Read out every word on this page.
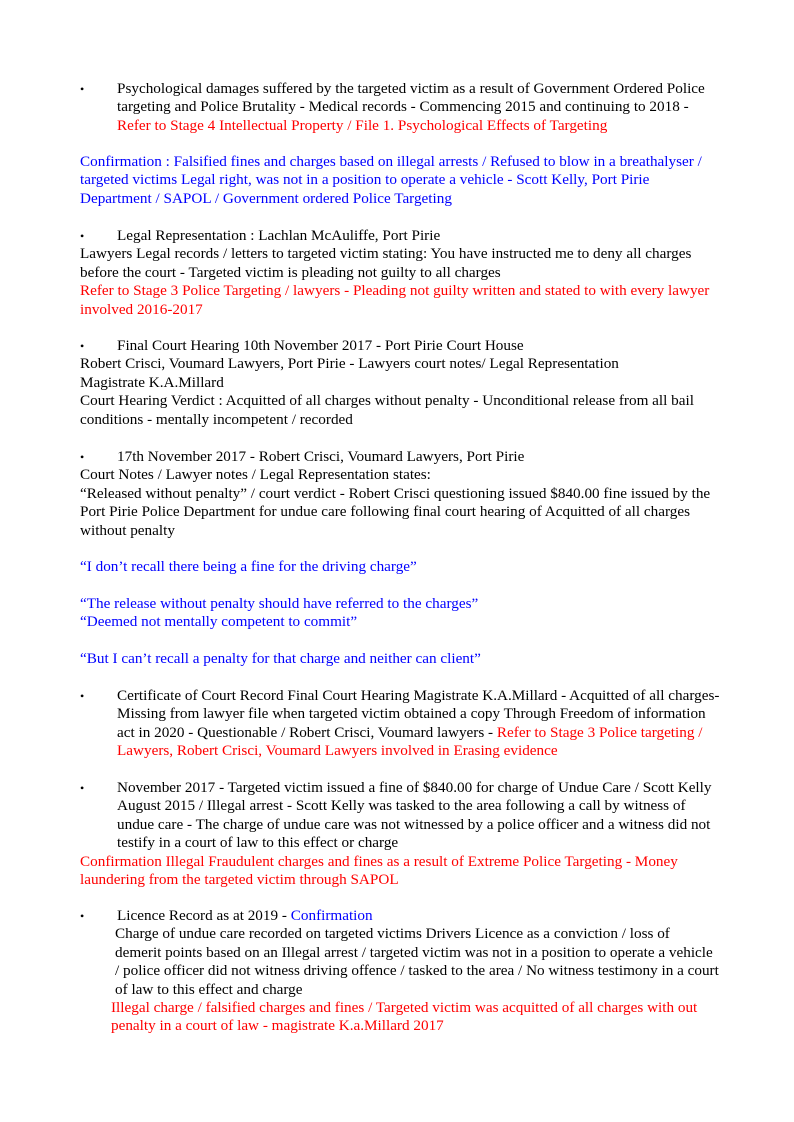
• Psychological damages suffered by the targeted victim as a result of Government Ordered Police targeting and Police Brutality - Medical records - Commencing 2015 and continuing to 2018 - Refer to Stage 4 Intellectual Property / File 1. Psychological Effects of Targeting

Confirmation : Falsified fines and charges based on illegal arrests / Refused to blow in a breathalyser / targeted victims Legal right, was not in a position to operate a vehicle - Scott Kelly, Port Pirie Department / SAPOL / Government ordered Police Targeting

• Legal Representation : Lachlan McAuliffe, Port Pirie

Lawyers Legal records / letters to targeted victim stating: You have instructed me to deny all charges before the court - Targeted victim is pleading not guilty to all charges

Refer to Stage 3 Police Targeting / lawyers - Pleading not guilty written and stated to with every lawyer involved 2016-2017

• Final Court Hearing 10th November 2017 - Port Pirie Court House

Robert Crisci, Voumard Lawyers, Port Pirie - Lawyers court notes/ Legal Representation

Magistrate K.A.Millard

Court Hearing Verdict : Acquitted of all charges without penalty - Unconditional release from all bail conditions - mentally incompetent / recorded

• 17th November 2017 - Robert Crisci, Voumard Lawyers, Port Pirie

Court Notes / Lawyer notes / Legal Representation states:

“Released without penalty” / court verdict - Robert Crisci questioning issued $840.00 fine issued by the Port Pirie Police Department for undue care following final court hearing of Acquitted of all charges without penalty

“I don’t recall there being a fine for the driving charge”

“The release without penalty should have referred to the charges”

“Deemed not mentally competent to commit”

“But I can’t recall a penalty for that charge and neither can client”

• Certificate of Court Record Final Court Hearing Magistrate K.A.Millard - Acquitted of all charges-Missing from lawyer file when targeted victim obtained a copy Through Freedom of information act in 2020 - Questionable / Robert Crisci, Voumard lawyers - Refer to Stage 3 Police targeting / Lawyers, Robert Crisci, Voumard Lawyers involved in Erasing evidence

• November 2017 - Targeted victim issued a fine of $840.00 for charge of Undue Care / Scott Kelly August 2015 / Illegal arrest - Scott Kelly was tasked to the area following a call by witness of undue care - The charge of undue care was not witnessed by a police officer and a witness did not testify in a court of law to this effect or charge

Confirmation Illegal Fraudulent charges and fines as a result of Extreme Police Targeting - Money laundering from the targeted victim through SAPOL

• Licence Record as at 2019 - Confirmation

Charge of undue care recorded on targeted victims Drivers Licence as a conviction / loss of demerit points based on an Illegal arrest / targeted victim was not in a position to operate a vehicle / police officer did not witness driving offence / tasked to the area / No witness testimony in a court of law to this effect and charge

Illegal charge / falsified charges and fines / Targeted victim was acquitted of all charges with out penalty in a court of law - magistrate K.a.Millard 2017
